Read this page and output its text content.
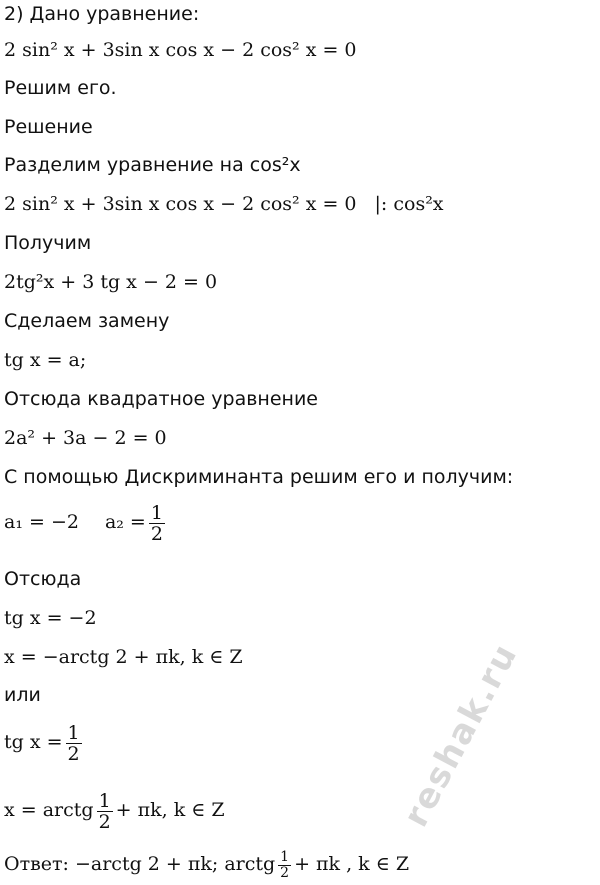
reshak.ru
2) Дано уравнение:
2 sin² x + 3sin x cos x − 2 cos² x = 0
Решим его.
Решение
Разделим уравнение на cos²x
2 sin² x + 3sin x cos x − 2 cos² x = 0 |: cos²x
Получим
2tg²x + 3 tg x − 2 = 0
Сделаем замену
tg x = a;
Отсюда квадратное уравнение
2a² + 3a − 2 = 0
С помощью Дискриминанта решим его и получим:
a₁ = −2 $a_2 = \frac{1}{2}$
Отсюда
tg x = −2
x = −arctg 2 + πk, k ∈ Z
или
tg $x = \frac{1}{2}$
x = arctg $\frac{1}{2} + \pi k$, k ∈ Z
Ответ: −arctg 2 + πk; arctg $\frac{1}{2} + \pi k$ , k ∈ Z
